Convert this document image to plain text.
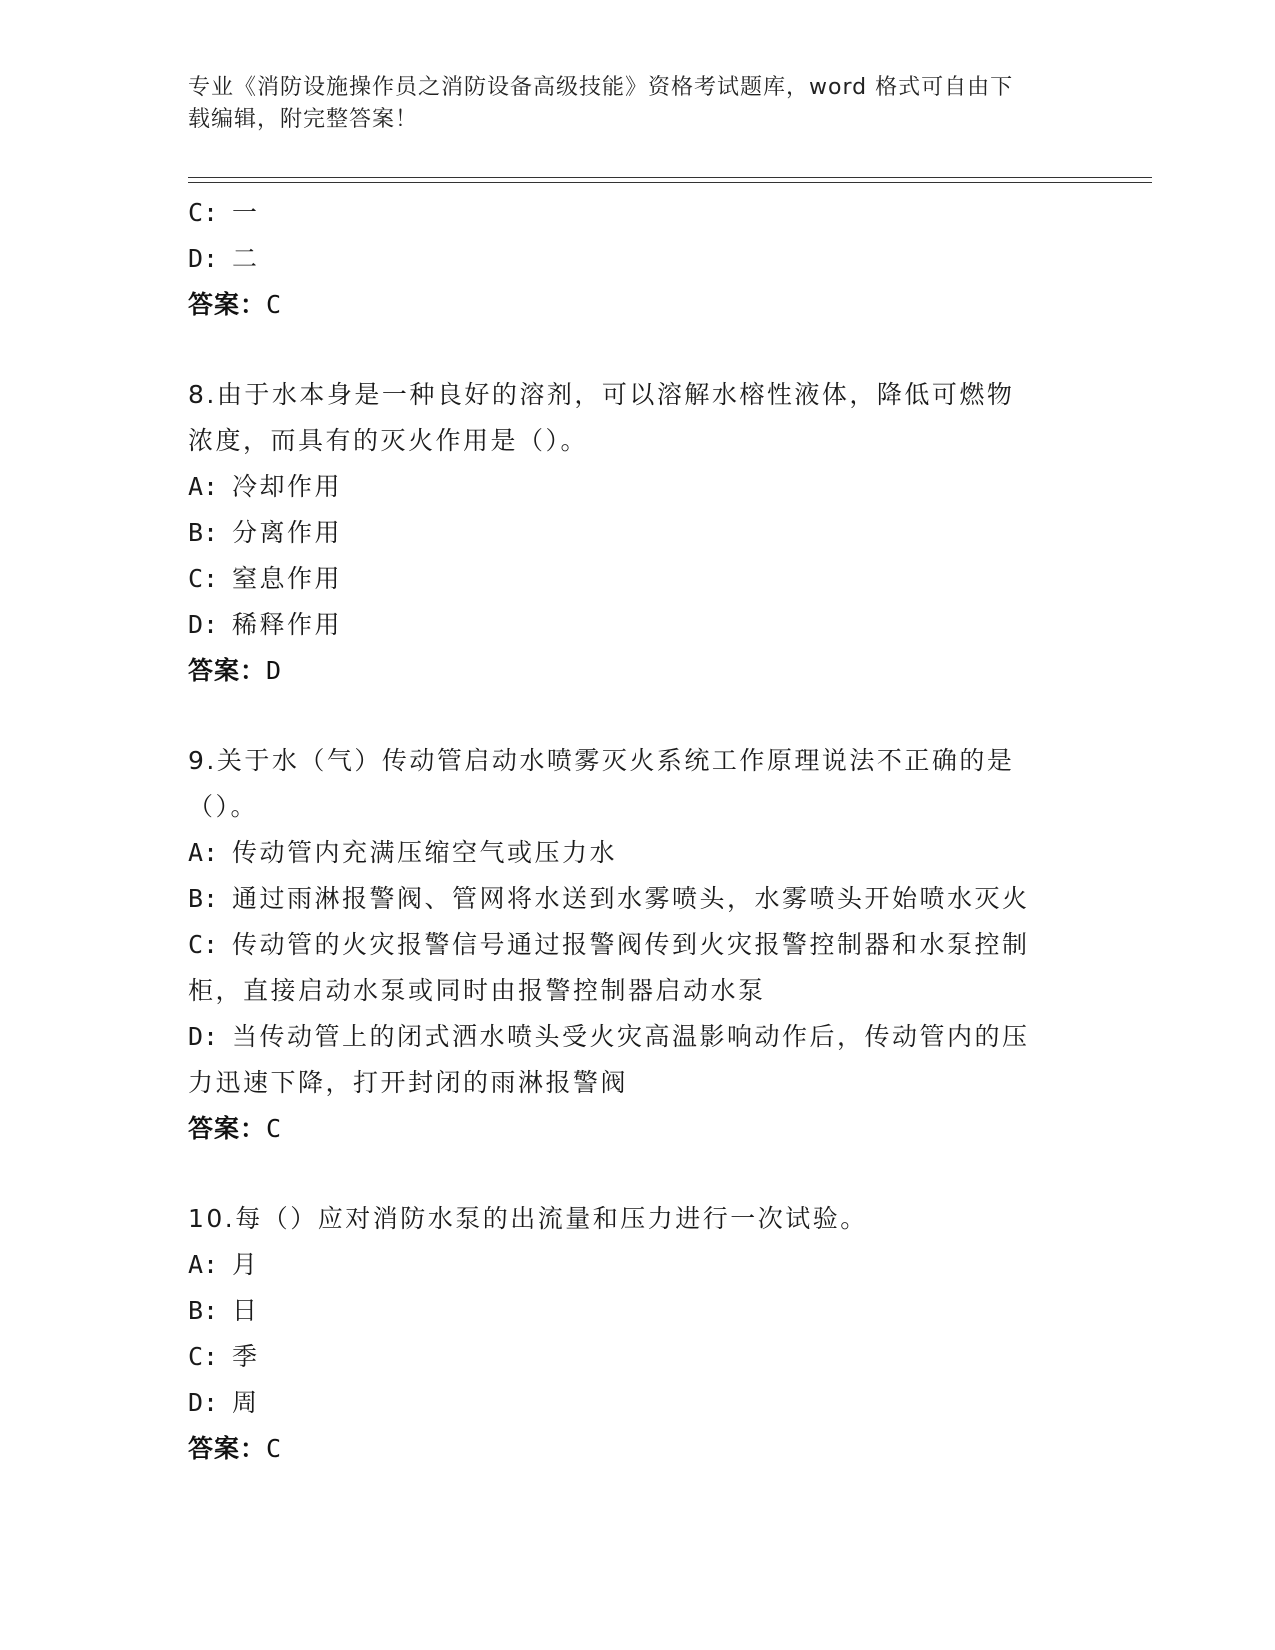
专业《消防设施操作员之消防设备高级技能》资格考试题库，word 格式可自由下
载编辑，附完整答案！
C: 一
D: 二
答案：C
8.由于水本身是一种良好的溶剂，可以溶解水榕性液体，降低可燃物
浓度，而具有的灭火作用是（）。
A: 冷却作用
B: 分离作用
C: 窒息作用
D: 稀释作用
答案：D
9.关于水（气）传动管启动水喷雾灭火系统工作原理说法不正确的是
（）。
A: 传动管内充满压缩空气或压力水
B: 通过雨淋报警阀、管网将水送到水雾喷头，水雾喷头开始喷水灭火
C: 传动管的火灾报警信号通过报警阀传到火灾报警控制器和水泵控制
柜，直接启动水泵或同时由报警控制器启动水泵
D: 当传动管上的闭式洒水喷头受火灾高温影响动作后，传动管内的压
力迅速下降，打开封闭的雨淋报警阀
答案：C
10.每（）应对消防水泵的出流量和压力进行一次试验。
A: 月
B: 日
C: 季
D: 周
答案：C
